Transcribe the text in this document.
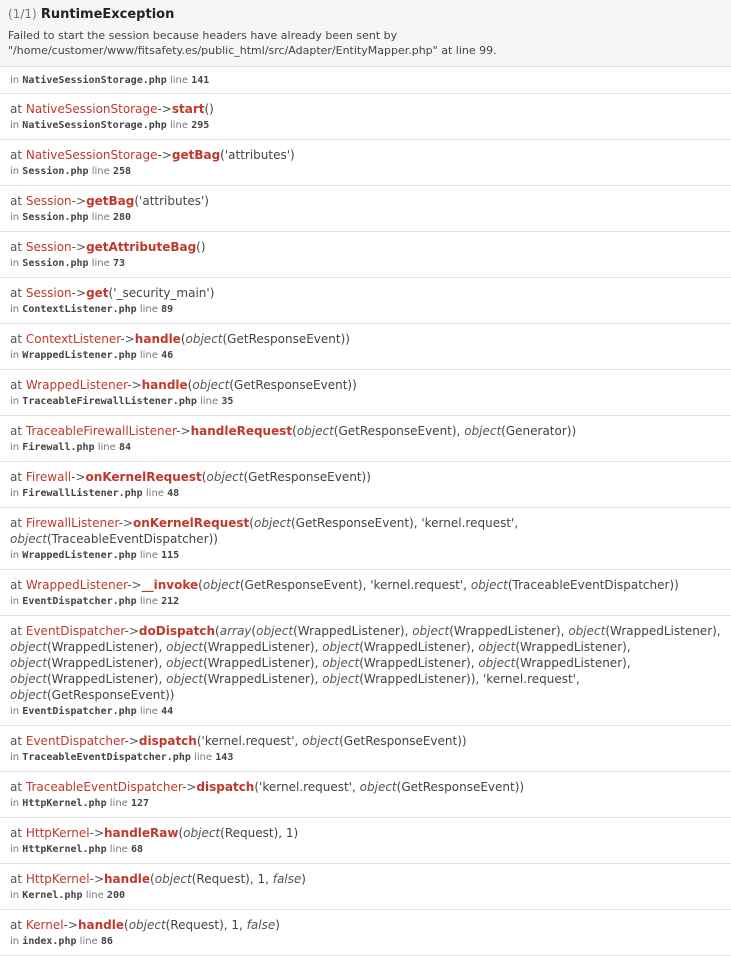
(1/1) RuntimeException

Failed to start the session because headers have already been sent by "/home/customer/www/fitsafety.es/public_html/src/Adapter/EntityMapper.php" at line 99.

in NativeSessionStorage.php line 141
at NativeSessionStorage->start()
in NativeSessionStorage.php line 295
at NativeSessionStorage->getBag('attributes')
in Session.php line 258
at Session->getBag('attributes')
in Session.php line 280
at Session->getAttributeBag()
in Session.php line 73
at Session->get('_security_main')
in ContextListener.php line 89
at ContextListener->handle(object(GetResponseEvent))
in WrappedListener.php line 46
at WrappedListener->handle(object(GetResponseEvent))
in TraceableFirewallListener.php line 35
at TraceableFirewallListener->handleRequest(object(GetResponseEvent), object(Generator))
in Firewall.php line 84
at Firewall->onKernelRequest(object(GetResponseEvent))
in FirewallListener.php line 48
at FirewallListener->onKernelRequest(object(GetResponseEvent), 'kernel.request', object(TraceableEventDispatcher))
in WrappedListener.php line 115
at WrappedListener->__invoke(object(GetResponseEvent), 'kernel.request', object(TraceableEventDispatcher))
in EventDispatcher.php line 212
at EventDispatcher->doDispatch(array(object(WrappedListener), object(WrappedListener), object(WrappedListener), object(WrappedListener), object(WrappedListener), object(WrappedListener), object(WrappedListener), object(WrappedListener), object(WrappedListener), object(WrappedListener), object(WrappedListener), object(WrappedListener), object(WrappedListener), object(WrappedListener)), 'kernel.request', object(GetResponseEvent))
in EventDispatcher.php line 44
at EventDispatcher->dispatch('kernel.request', object(GetResponseEvent))
in TraceableEventDispatcher.php line 143
at TraceableEventDispatcher->dispatch('kernel.request', object(GetResponseEvent))
in HttpKernel.php line 127
at HttpKernel->handleRaw(object(Request), 1)
in HttpKernel.php line 68
at HttpKernel->handle(object(Request), 1, false)
in Kernel.php line 200
at Kernel->handle(object(Request), 1, false)
in index.php line 86
